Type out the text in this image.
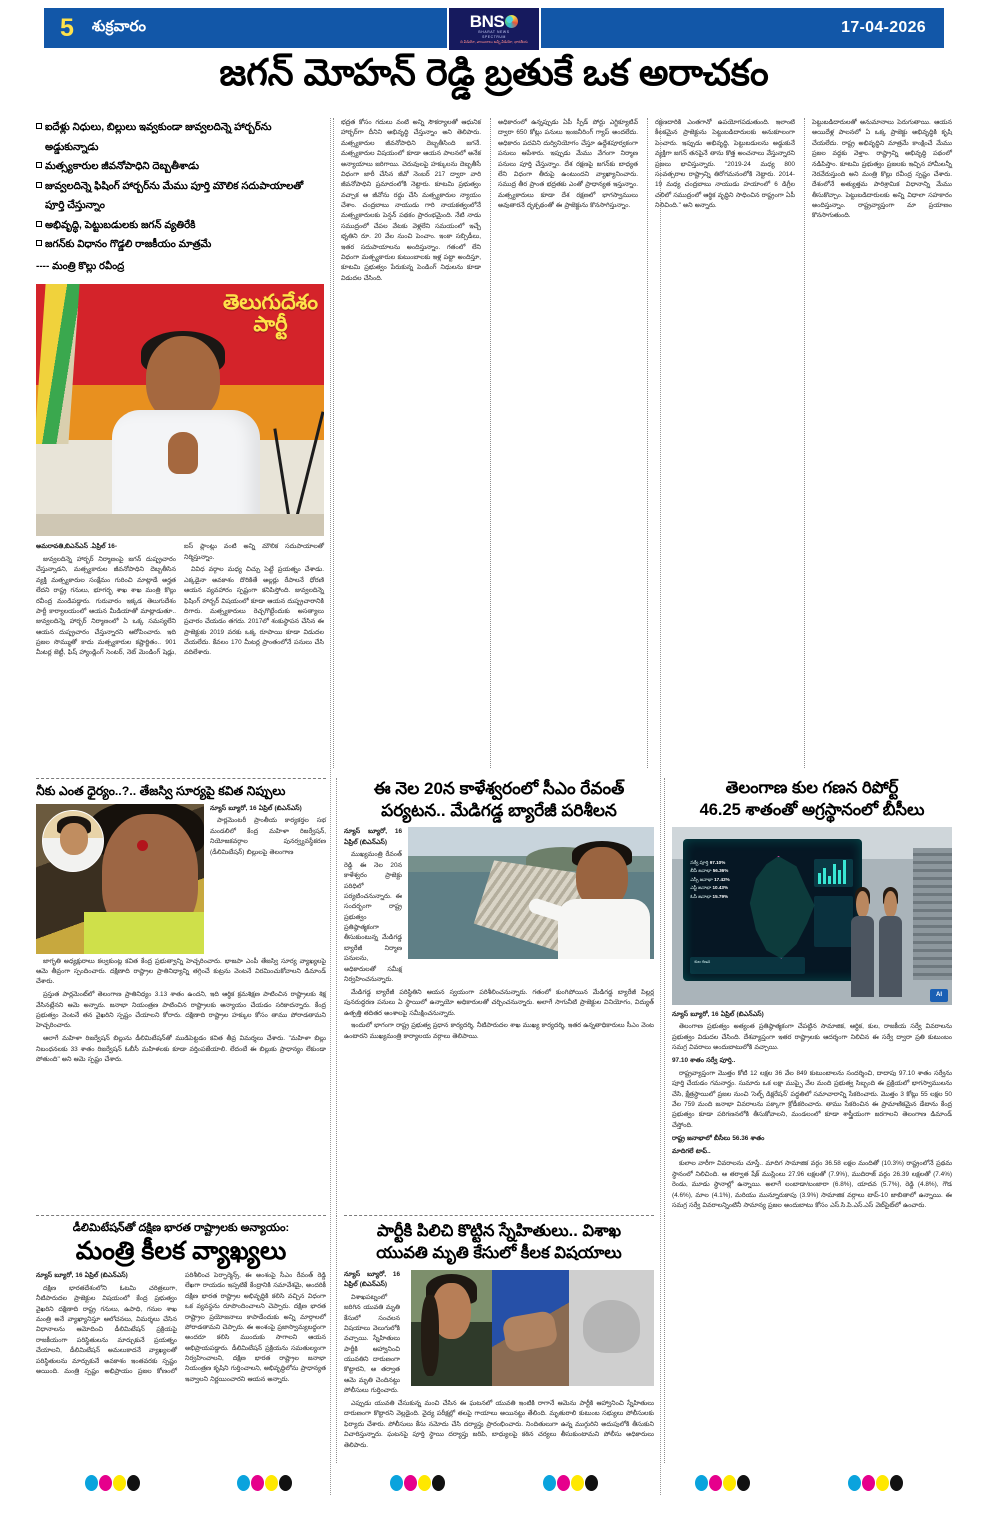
5 శుక్రవారం	BNS
BHARAT NEWS
SPECTRUM
ది వీడియో, వాయిదాలు అన్నీ వీడియో, భారతీయ
17-04-2026
జగన్ మోహన్ రెడ్డి బ్రతుకే ఒక అరాచకం
ఐదేళ్లు నిధులు, బిల్లులు ఇవ్వకుండా జువ్వలదిన్నె హార్బర్‌ను అడ్డుకున్నాడు
మత్స్యకారుల జీవనోపాధిని దెబ్బతీశాడు
జువ్వలదిన్నె ఫిషింగ్ హార్బర్‌ను మేము పూర్తి మౌలిక సదుపాయాలతో పూర్తి చేస్తున్నాం
అభివృద్ధి, పెట్టుబడులకు జగన్ వ్యతిరేకి
జగన్‌కు విధానం గొడ్డలి రాజకీయం మాత్రమే
---- మంత్రి కొల్లు రవీంద్ర
తెలుగుదేశం
పార్టీ

అమరావతి,బిఎన్ఎస్ .ఏప్రిల్ 16-

జువ్వలదిన్నె హార్బర్ నిర్మాణంపై జగన్ దుష్ప్రచారం చేస్తున్నాడని, మత్స్యకారుల జీవనోపాధిని దెబ్బతీసిన వ్యక్తి మత్స్యకారుల సంక్షేమం గురించి మాట్లాడే అర్హత లేదని రాష్ట్ర గనులు, భూగర్భ శాఖ శాఖ మంత్రి కొల్లు రవీంద్ర మండిపడ్డారు. గురువారం ఇక్కడ తెలుగుదేశం పార్టీ కార్యాలయంలో ఆయన మీడియాతో మాట్లాడుతూ.. జువ్వలదిన్నె హార్బర్ నిర్మాణంలో ఏ ఒక్క సమస్యలేని ఆయన దుష్ప్రచారం చేస్తున్నారని ఆరోపించారు. ఇది ప్రజల సొమ్ముతో కాదు మత్స్యకారుల కష్టార్జితం.. 901 మీటర్ల జెట్టీ, ఫిష్ హ్యాండ్లింగ్ సెంటర్, నెట్ మెండింగ్ షెడ్లు, ఐస్ ప్లాంట్లు వంటి అన్ని మౌలిక సదుపాయాలతో నిర్మిస్తున్నాం.

వివిధ వర్గాల మధ్య చిచ్చు పెట్టే ప్రయత్నం చేశాడు. ఎక్కడైనా అవకాశం దొరికితే అల్లర్లు రేపాలనే ధోరణి ఆయన వ్యవహారం స్పష్టంగా కనిపిస్తోంది. జువ్వలదిన్నె ఫిషింగ్ హార్బర్ విషయంలో కూడా ఆయన దుష్ప్రచారానికి దిగారు. మత్స్యకారులు రెచ్చగొట్టేందుకు అసత్యాలు ప్రచారం చేయడం తగదు. 2017లో శంకుస్థాపన చేసిన ఈ ప్రాజెక్టుకు 2019 వరకు ఒక్క రూపాయి కూడా విడుదల చేయలేదు. కేవలం 170 మీటర్ల ప్రాంతంలోనే పనులు చేసి వదిలేశారు.

భద్రత కోసం గదులు వంటి అన్ని సౌకర్యాలతో ఆధునిక హార్బర్‌గా దీనిని అభివృద్ధి చేస్తున్నాం అని తెలిపారు. మత్స్యకారుల జీవనోపాధిని దెబ్బతీసింది జగనే. మత్స్యకారుల విషయంలో కూడా ఆయన పాలనలో అనేక అన్యాయాలు జరిగాయి. చెరువులపై హక్కులను దెబ్బతీసే విధంగా జారీ చేసిన జీవో నెంబర్ 217 ద్వారా వారి జీవనోపాధిని ప్రమాదంలోకి నెట్టారు. కూటమి ప్రభుత్వం వచ్చాక ఆ జీవోను రద్దు చేసి మత్స్యకారుల న్యాయం చేశాం. చంద్రబాబు నాయుడు గారి నాయకత్వంలోనే మత్స్యకారులకు పెన్షన్ పథకం ప్రారంభమైంది. నేటి నాడు సముద్రంలో చేపల వేటకు వెళ్లలేని సమయంలో ఇచ్చే భృతిని రూ. 20 వేల నుంచి పెంచాం. ఇంకా సబ్సిడీలు, ఇతర సదుపాయాలను అందిస్తున్నాం. గతంలో లేని విధంగా మత్స్యకారుల కుటుంబాలకు ఇళ్ల పట్టా అందిస్తూ, కూటమి ప్రభుత్వం పేరుకున్న పెండింగ్ నిధులను కూడా విడుదల చేసింది.

అధికారంలో ఉన్నప్పుడు ఏపీ స్పీడ్ పోర్టు ఎగ్జిక్యూటివ్ ద్వారా 650 కోట్లు పనులు ఇంజనీరింగ్ గ్యాప్ అందలేదు. అధికారం పదవిని దుర్వినియోగం చేస్తూ ఉద్దేశపూర్వకంగా పనులు ఆపేశారు. ఇప్పుడు మేము వేగంగా నిర్మాణ పనులు పూర్తి చేస్తున్నాం. దేశ రక్షణపై జగన్‌కు బాధ్యత లేని విధంగా తీరుపై ఉంటుందని వ్యాఖ్యానించారు. సముద్ర తీర ప్రాంత భద్రతకు ఎంతో ప్రాధాన్యత ఇస్తున్నాం. మత్స్యకారులు కూడా దేశ రక్షణలో భాగస్వాములు అవుతారనే దృక్పథంతో ఈ ప్రాజెక్టును కొనసాగిస్తున్నాం.

రక్షణదారికి ఎంతగానో ఉపయోగపడుతుంది. ఇలాంటి కీలకమైన ప్రాజెక్టును పెట్టుబడిదారులకు అనుకూలంగా పెంచారు. ఇప్పుడు అభివృద్ధి, పెట్టుబడులను అడ్డుకునే వ్యక్తిగా జగన్ తనపైనే తాను కొత్త అంచనాలు వేస్తున్నారని ప్రజలు భావిస్తున్నారు. "2019-24 మధ్య 800 సంవత్సరాల రాష్ట్రాన్ని తిరోగమనంలోకి నెట్టారు. 2014-19 మధ్య చంద్రబాబు నాయుడు హయాంలో 6 డిగ్రీల చలిలో సముద్రంలో ఆర్థిక వృద్ధిని సాధించిన రాష్ట్రంగా ఏపీ నిలిచింది." అని అన్నారు.

పెట్టుబడిదారులతో అనుమానాలు పెరుగుతాయి. ఆయన అయిదేళ్ల పాలనలో ఏ ఒక్క ప్రాజెక్టు అభివృద్ధికి కృషి చేయలేదు. రాష్ట్ర అభివృద్ధిని మాత్రమే కాంక్షించే మేము ప్రజల వద్దకు వెళ్తాం. రాష్ట్రాన్ని అభివృద్ధి పథంలో నడిపిస్తాం. కూటమి ప్రభుత్వం ప్రజలకు ఇచ్చిన హామీలన్నీ నెరవేరుస్తుంది అని మంత్రి కొల్లు రవీంద్ర స్పష్టం చేశారు. దేశంలోనే అత్యుత్తమ పారిశ్రామిక విధానాన్ని మేము తీసుకొచ్చాం. పెట్టుబడిదారులకు అన్ని విధాలా సహకారం అందిస్తున్నాం. రాష్ట్రవ్యాప్తంగా మా ప్రయాణం కొనసాగుతుంది.

నీకు ఎంత ధైర్యం..?.. తేజస్వి సూర్యపై కవిత నిప్పులు

న్యూస్ బ్యూరో, 16 ఏప్రిల్ (బిఎన్ఎస్)

పార్లమెంటరీ ప్రాంతీయ కార్యకర్తల సభ మండలిలో కేంద్ర మహిళా రిజర్వేషన్, నియోజకవర్గాల పునర్వ్యవస్థీకరణ (డీలిమిటేషన్) బిల్లులపై తెలంగాణ

జాగృతి అధ్యక్షురాలు కల్వకుంట్ల కవిత కేంద్ర ప్రభుత్వాన్ని హెచ్చరించారు. భాజపా ఎంపీ తేజస్వి సూర్య వ్యాఖ్యలపై ఆమె తీవ్రంగా స్పందించారు. దక్షిణాది రాష్ట్రాల ప్రాతినిధ్యాన్ని తగ్గించే కుట్రను వెంటనే విరమించుకోవాలని డిమాండ్ చేశారు.

ప్రస్తుత పార్లమెంట్‌లో తెలంగాణ ప్రాతినిధ్యం 3.13 శాతం ఉందని, ఇది ఆర్థిక క్రమశిక్షణ పాటించిన రాష్ట్రాలకు శిక్ష వేసినట్లేనని ఆమె అన్నారు. జనాభా నియంత్రణ పాటించిన రాష్ట్రాలకు అన్యాయం చేయడం సరికాదన్నారు. కేంద్ర ప్రభుత్వం వెంటనే తన వైఖరిని స్పష్టం చేయాలని కోరారు. దక్షిణాది రాష్ట్రాల హక్కుల కోసం తాము పోరాడతామని హెచ్చరించారు.

ఆలాగే మహిళా రిజర్వేషన్ బిల్లును డీలిమిటేషన్‌తో ముడిపెట్టడం కవిత తీవ్ర విమర్శలు చేశారు. "మహిళా బిల్లు నిబంధనలకు 33 శాతం రిజర్వేషన్ ఓబీసీ మహిళలకు కూడా వర్తింపజేయాలి. లేదంటే ఈ బిల్లుకు ప్రాధాన్యం లేకుండా పోతుంది" అని ఆమె స్పష్టం చేశారు.

ఈ నెల 20న కాళేశ్వరంలో సీఎం రేవంత్
పర్యటన.. మేడిగడ్డ బ్యారేజీ పరిశీలన

న్యూస్ బ్యూరో, 16 ఏప్రిల్ (బిఎన్ఎస్)

ముఖ్యమంత్రి రేవంత్ రెడ్డి ఈ నెల 20న కాళేశ్వరం ప్రాజెక్టు పరిధిలో పర్యటించనున్నారు. ఈ సందర్భంగా రాష్ట్ర ప్రభుత్వం ప్రతిష్ఠాత్మకంగా తీసుకుంటున్న మేడిగడ్డ బ్యారేజీ నిర్మాణ పనులను, అధికారులతో సమీక్ష నిర్వహించనున్నారు.

మేడిగడ్డ బ్యారేజీ పరిస్థితిని ఆయన స్వయంగా పరిశీలించనున్నారు. గతంలో కుంగిపోయిన మేడిగడ్డ బ్యారేజీ పిల్లర్ల పునరుద్ధరణ పనులు ఏ స్థాయిలో ఉన్నాయో అధికారులతో చర్చించనున్నారు. అలాగే సాగునీటి ప్రాజెక్టుల వినియోగం, విద్యుత్ ఉత్పత్తి తదితర అంశాలపై సమీక్షించనున్నారు.

ఇందులో భాగంగా రాష్ట్ర ప్రభుత్వ ప్రధాన కార్యదర్శి, నీటిపారుదల శాఖ ముఖ్య కార్యదర్శి, ఇతర ఉన్నతాధికారులు సీఎం వెంట ఉంటారని ముఖ్యమంత్రి కార్యాలయ వర్గాలు తెలిపాయి.

తెలంగాణ కుల గణన రిపోర్ట్
46.25 శాతంతో అగ్రస్థానంలో బీసీలు
సర్వే పూర్తి 97.10%
బీసీ జనాభా 56.36%
ఎస్సీ జనాభా 17.42%
ఎస్టీ జనాభా 10.43%
ఓసీ జనాభా 15.79%
కుల గణన
AI

న్యూస్ బ్యూరో, 16 ఏప్రిల్ (బిఎన్ఎస్)

తెలంగాణ ప్రభుత్వం అత్యంత ప్రతిష్ఠాత్మకంగా చేపట్టిన సామాజిక, ఆర్థిక, కుల, రాజకీయ సర్వే వివరాలను ప్రభుత్వం విడుదల చేసింది. దేశవ్యాప్తంగా ఇతర రాష్ట్రాలకు ఆదర్శంగా నిలిచిన ఈ సర్వే ద్వారా ప్రతి కుటుంబం సమగ్ర వివరాలు అందుబాటులోకి వచ్చాయి.

97.10 శాతం సర్వే పూర్తి..

రాష్ట్రవ్యాప్తంగా మొత్తం కోటి 12 లక్షల 36 వేల 849 కుటుంబాలను సందర్శించి, దాదాపు 97.10 శాతం సర్వేను పూర్తి చేయడం గమనార్హం. సుమారు ఒక లక్షా ముప్పై వేల మంది ప్రభుత్వ సిబ్బంది ఈ ప్రక్రియలో భాగస్వాములను చేసి, క్షేత్రస్థాయిలో ప్రజల నుంచి 'సెల్ఫ్ డిక్లరేషన్' పద్ధతిలో సమాచారాన్ని సేకరించారు. మొత్తం 3 కోట్లు 55 లక్షల 50 వేల 759 మంది జనాభా వివరాలను పక్కాగా క్రోడీకరించారు. తాము సేకరించిన ఈ ప్రామాణికమైన డేటాను కేంద్ర ప్రభుత్వం కూడా పరిగణనలోకి తీసుకోవాలని, మండలంలో కూడా శాస్త్రీయంగా జరగాలని తెలంగాణ డిమాండ్ చేస్తోంది.

రాష్ట్ర జనాభాలో బీసీలు 56.36 శాతం

మాదిగలే టాప్..

కులాల వారీగా వివరాలను చూస్తే.. మాదిగ సామాజిక వర్గం 36.58 లక్షల మందితో (10.3%) రాష్ట్రంలోనే ప్రథమ స్థానంలో నిలిచింది. ఆ తర్వాత షేక్ ముస్లింలు 27.96 లక్షలతో (7.9%), ముదిరాజ్ వర్గం 26.39 లక్షలతో (7.4%) రెండు, మూడు స్థానాల్లో ఉన్నాయి. అలాగే లంబాడా/బంజారా (6.8%), యాదవ (5.7%), రెడ్డి (4.8%), గౌడ (4.6%), మాల (4.1%), మరియు మున్నూరుకాపు (3.9%) సామాజిక వర్గాలు టాప్-10 జాబితాలో ఉన్నాయి. ఈ సమగ్ర సర్వే వివరాలన్నింటినీ సామాన్య ప్రజల అందుబాటు కోసం ఎస్.సి.పి.ఎస్.ఎస్ వెబ్‌సైట్‌లో ఉంచారు.

డీలిమిటేషన్‌తో దక్షిణ భారత రాష్ట్రాలకు అన్యాయం:
మంత్రి కీలక వ్యాఖ్యలు

న్యూస్ బ్యూరో, 16 ఏప్రిల్ (బిఎన్ఎస్)

దక్షిణ భారతదేశంలోని ఓటమి చరిత్రలుగా, నీటిపారుదల ప్రాజెక్టుల విషయంలో కేంద్ర ప్రభుత్వం వైఖరిని దక్షిణాది రాష్ట్ర గనులు, ఉపాధి, గనుల శాఖ మంత్రి అనే వ్యాఖ్యానిస్తూ ఆలోచనలు, విమర్శలు చేసిన విధానాలను ఆమోదించి డీలిమిటేషన్ ప్రక్రియపై రాజకీయంగా పరిస్థితులను మార్చుకునే ప్రయత్నం చేయాలని, డీలిమిటేషన్ అమలుకాదనే వ్యాఖ్యలతో పరిస్థితులను మార్చుకునే అవకాశం ఇంతవరకు స్పష్టం అయింది. మంత్రి స్పష్టం అభిప్రాయం ప్రజల కోణంలో పరిశీలించ పెర్ఫార్మెన్స్, ఈ అంశంపై సీఎం రేవంత్ రెడ్డి లేఖగా రాయడం ఇప్పటికే కేంద్రానికి సమావేశమై, అందరికీ దక్షిణ భారత రాష్ట్రాల అభివృద్ధికి కలిసి వచ్చిన విధంగా ఒక వ్యవస్థను రూపొందించాలని చెప్పారు. దక్షిణ భారత రాష్ట్రాల ప్రయోజనాలు కాపాడేందుకు అన్ని మార్గాలలో పోరాడతామని చెప్పారు. ఈ అంశంపై ప్రజాస్వామ్యబద్ధంగా అందరూ కలిసి ముందుకు సాగాలని ఆయన అభిప్రాయపడ్డారు. డీలిమిటేషన్ ప్రక్రియను సమతుల్యంగా నిర్వహించాలని, దక్షిణ భారత రాష్ట్రాల జనాభా నియంత్రణ కృషిని గుర్తించాలని, అభివృద్ధిలోను ప్రాధాన్యత ఇవ్వాలని నిర్ణయించారని ఆయన అన్నారు.

పార్టీకి పిలిచి కొట్టిన స్నేహితులు.. విశాఖ
యువతి మృతి కేసులో కీలక విషయాలు

న్యూస్ బ్యూరో, 16 ఏప్రిల్ (బిఎన్ఎస్)

విశాఖపట్నంలో జరిగిన యువతి మృతి కేసులో సంచలన విషయాలు వెలుగులోకి వచ్చాయి. స్నేహితులు పార్టీకి ఆహ్వానించి యువతిని దారుణంగా కొట్టారని, ఆ తర్వాత ఆమె మృతి చెందినట్టు పోలీసులు గుర్తించారు.

ఎప్పుడు యువతి చేసుకున్న మంచి చేసిన ఈ ఘటనలో యువతి ఇంటికి రాగానే ఆమెను పార్టీకి ఆహ్వానించి స్నేహితులు దారుణంగా కొట్టారని వెల్లడైంది. వైద్య పరీక్షల్లో తలపై గాయాలు అయినట్టు తేలింది. మృతురాలి కుటుంబ సభ్యులు పోలీసులకు ఫిర్యాదు చేశారు. పోలీసులు కేసు నమోదు చేసి దర్యాప్తు ప్రారంభించారు. నిందితులుగా ఉన్న ముగ్గురిని అదుపులోకి తీసుకుని విచారిస్తున్నారు. ఘటనపై పూర్తి స్థాయి దర్యాప్తు జరిపి, బాధ్యులపై కఠిన చర్యలు తీసుకుంటామని పోలీసు అధికారులు తెలిపారు.
